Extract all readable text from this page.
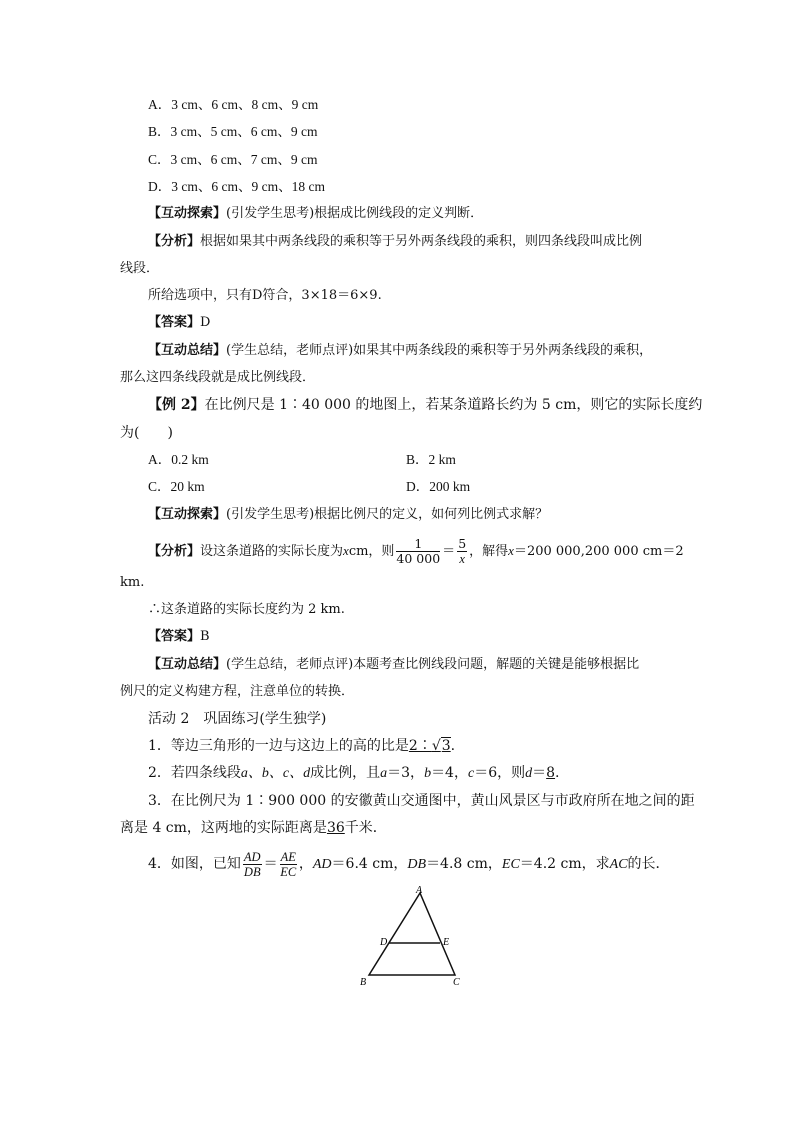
A．3 cm、6 cm、8 cm、9 cm
B．3 cm、5 cm、6 cm、9 cm
C．3 cm、6 cm、7 cm、9 cm
D．3 cm、6 cm、9 cm、18 cm
【互动探索】(引发学生思考)根据成比例线段的定义判断．
【分析】根据如果其中两条线段的乘积等于另外两条线段的乘积，则四条线段叫成比例
线段．
所给选项中，只有D符合，3×18＝6×9.
【答案】D
【互动总结】(学生总结，老师点评)如果其中两条线段的乘积等于另外两条线段的乘积，
那么这四条线段就是成比例线段．
【例 2】在比例尺是 1∶40 000 的地图上，若某条道路长约为 5 cm，则它的实际长度约
为(　　)
A．0.2 km	B．2 km
C．20 km	D．200 km
【互动探索】(引发学生思考)根据比例尺的定义，如何列比例式求解？
【分析】设这条道路的实际长度为xcm，则 $\frac{1}{40 000} = \frac{5}{x}$ ，解得x＝200 000,200 000 cm＝2
km.
∴这条道路的实际长度约为 2 km.
【答案】B
【互动总结】(学生总结，老师点评)本题考查比例线段问题，解题的关键是能够根据比
例尺的定义构建方程，注意单位的转换．
活动 2　巩固练习(学生独学)
1．等边三角形的一边与这边上的高的比是2∶√3.
2．若四条线段a、b、c、d成比例，且a＝3，b＝4，c＝6，则d＝8.
3．在比例尺为 1∶900 000 的安徽黄山交通图中，黄山风景区与市政府所在地之间的距
离是 4 cm，这两地的实际距离是36千米．
4．如图，已知 $\frac{AD}{DB} = \frac{AE}{EC}$ ，AD＝6.4 cm，DB＝4.8 cm，EC＝4.2 cm，求AC的长．
A
B	C
D	E
